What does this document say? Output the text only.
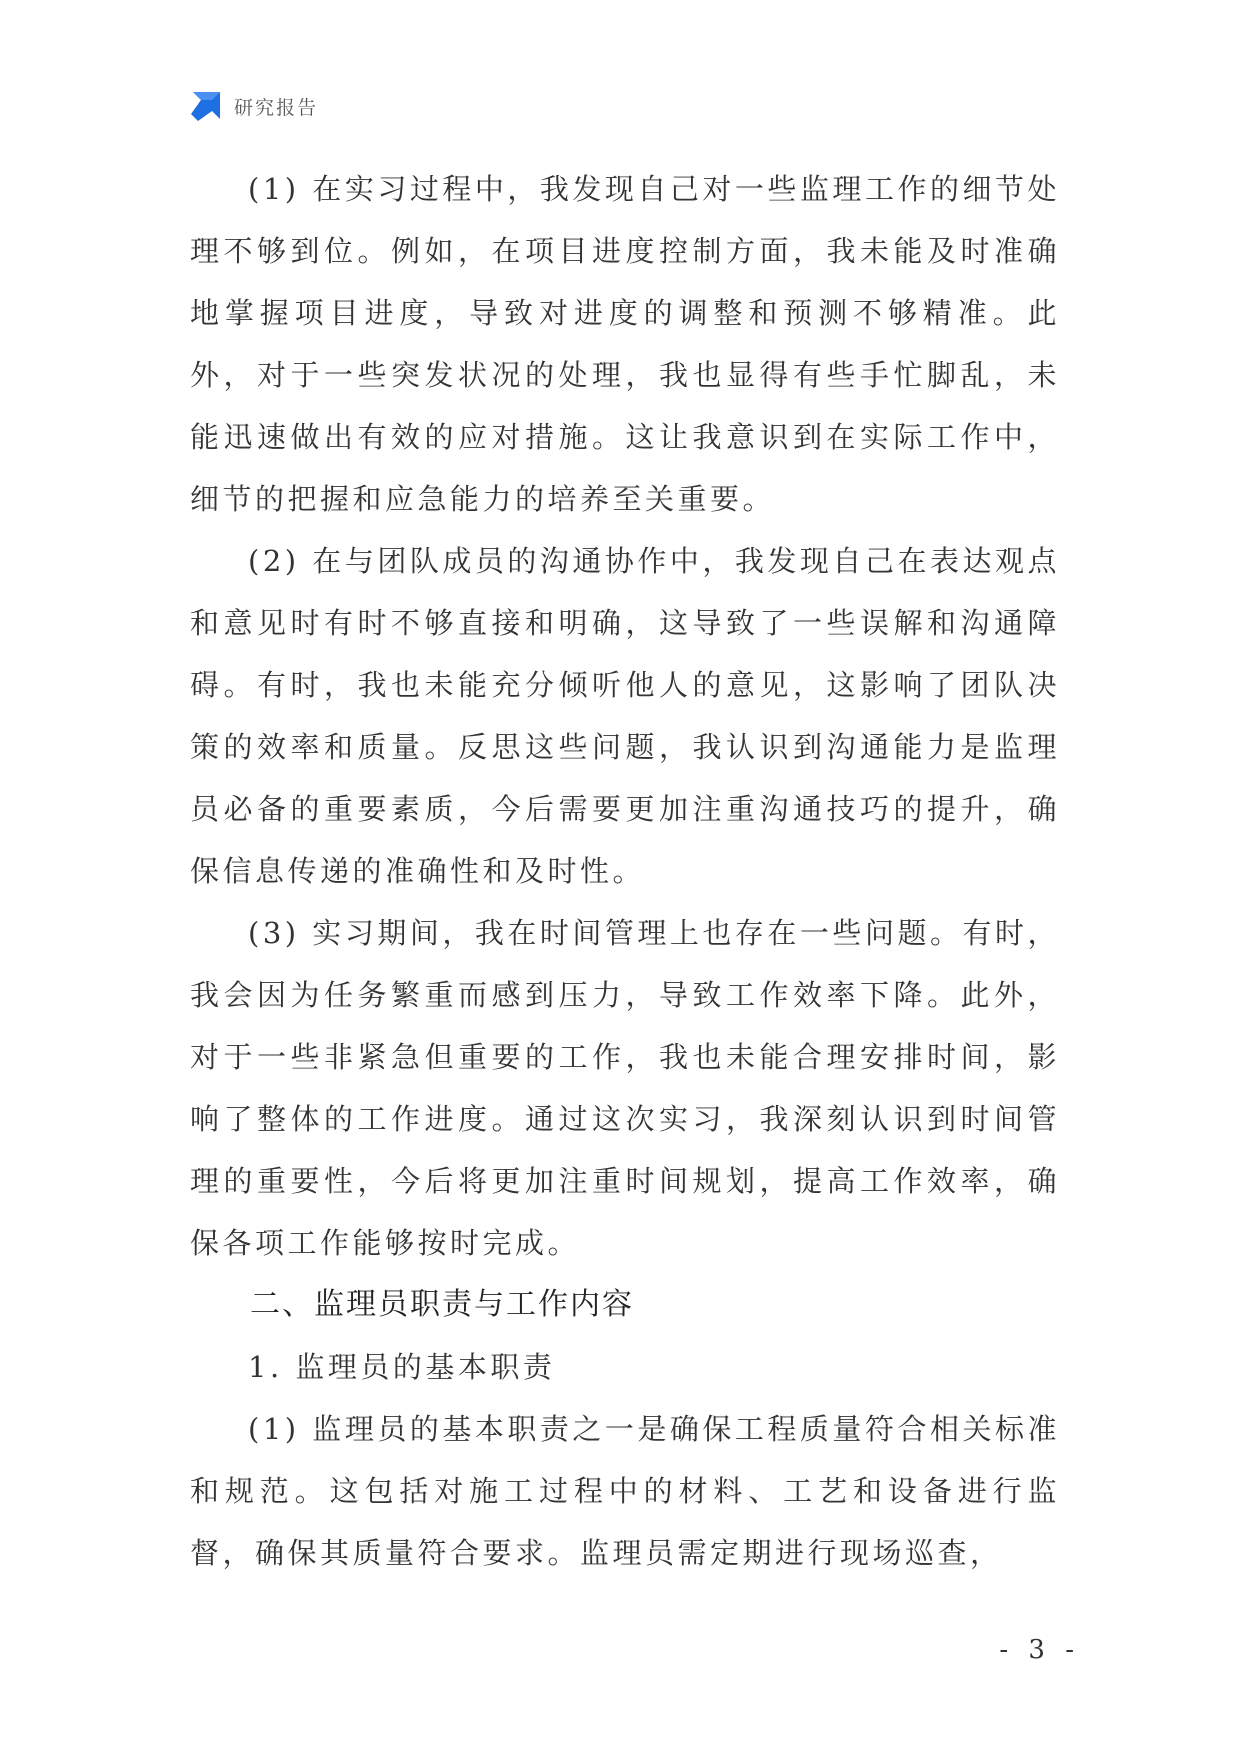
研究报告

(1) 在实习过程中，我发现自己对一些监理工作的细节处理不够到位。例如，在项目进度控制方面，我未能及时准确地掌握项目进度，导致对进度的调整和预测不够精准。此外，对于一些突发状况的处理，我也显得有些手忙脚乱，未能迅速做出有效的应对措施。这让我意识到在实际工作中，细节的把握和应急能力的培养至关重要。

(2) 在与团队成员的沟通协作中，我发现自己在表达观点和意见时有时不够直接和明确，这导致了一些误解和沟通障碍。有时，我也未能充分倾听他人的意见，这影响了团队决策的效率和质量。反思这些问题，我认识到沟通能力是监理员必备的重要素质，今后需要更加注重沟通技巧的提升，确保信息传递的准确性和及时性。

(3) 实习期间，我在时间管理上也存在一些问题。有时，我会因为任务繁重而感到压力，导致工作效率下降。此外，对于一些非紧急但重要的工作，我也未能合理安排时间，影响了整体的工作进度。通过这次实习，我深刻认识到时间管理的重要性，今后将更加注重时间规划，提高工作效率，确保各项工作能够按时完成。

二、监理员职责与工作内容

1. 监理员的基本职责

(1) 监理员的基本职责之一是确保工程质量符合相关标准和规范。这包括对施工过程中的材料、工艺和设备进行监督，确保其质量符合要求。监理员需定期进行现场巡查，

- 3 -
